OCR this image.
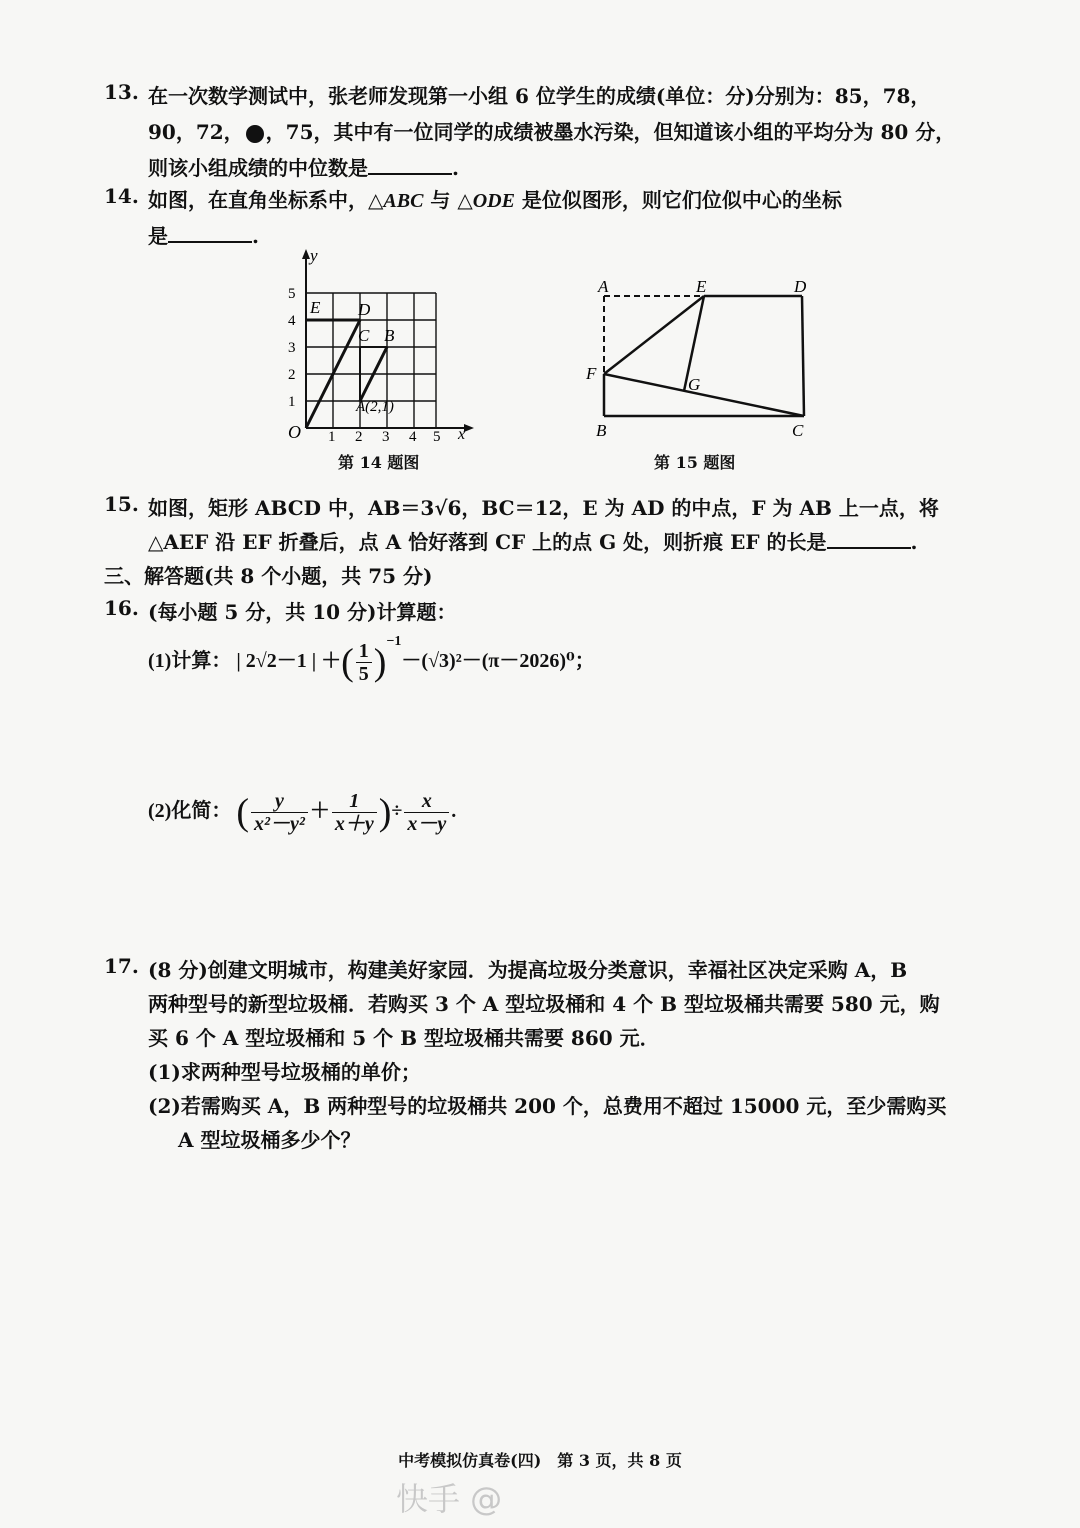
13. 在一次数学测试中，张老师发现第一小组 6 位学生的成绩(单位：分)分别为：85，78，
90，72， ，75，其中有一位同学的成绩被墨水污染，但知道该小组的平均分为 80 分，
则该小组成绩的中位数是	.
14. 如图，在直角坐标系中，△ABC 与 △ODE 是位似图形，则它们位似中心的坐标
是	.
y
x
O 1 2 3 4 5
1
2
3
4
5
E D
C B
A(2,1)
第 14 题图
A	E	D
F
G
B	C
第 15 题图
15. 如图，矩形 ABCD 中，AB＝3√6，BC＝12，E 为 AD 的中点，F 为 AB 上一点，将
△AEF 沿 EF 折叠后，点 A 恰好落到 CF 上的点 G 处，则折痕 EF 的长是	.
三、解答题(共 8 个小题，共 75 分)
16. (每小题 5 分，共 10 分)计算题：
(1)计算： | 2√2－1 | ＋( $\frac{1}{5} )^{-1}-(√3)^2-(\pi-2026)^0$；
(2)化简： ( $\frac{y}{\text{x²－y²}} + \frac{1}{x+y}$ )÷ $\frac{x}{x-y}$ .
17. (8 分)创建文明城市，构建美好家园．为提高垃圾分类意识，幸福社区决定采购 A，B
两种型号的新型垃圾桶．若购买 3 个 A 型垃圾桶和 4 个 B 型垃圾桶共需要 580 元，购
买 6 个 A 型垃圾桶和 5 个 B 型垃圾桶共需要 860 元．
(1)求两种型号垃圾桶的单价；
(2)若需购买 A，B 两种型号的垃圾桶共 200 个，总费用不超过 15000 元，至少需购买
A 型垃圾桶多少个？
中考模拟仿真卷(四)　第 3 页，共 8 页
快手 @
